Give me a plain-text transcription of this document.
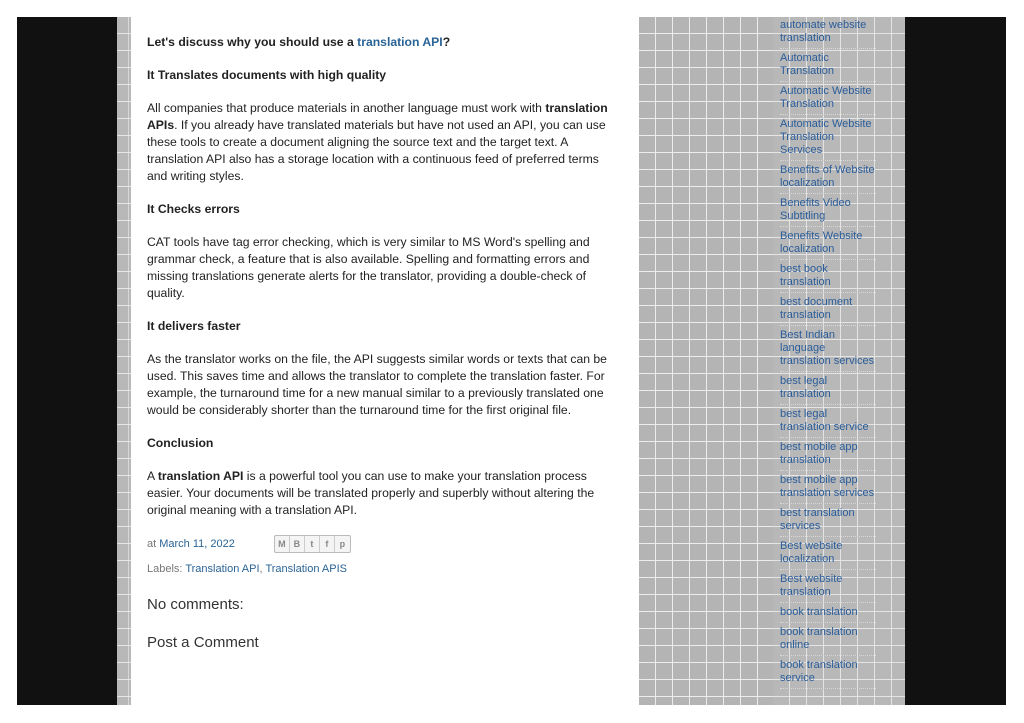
Let's discuss why you should use a translation API?

It Translates documents with high quality

All companies that produce materials in another language must work with translation APIs. If you already have translated materials but have not used an API, you can use these tools to create a document aligning the source text and the target text. A translation API also has a storage location with a continuous feed of preferred terms and writing styles.

It Checks errors

CAT tools have tag error checking, which is very similar to MS Word's spelling and grammar check, a feature that is also available. Spelling and formatting errors and missing translations generate alerts for the translator, providing a double-check of quality.

It delivers faster

As the translator works on the file, the API suggests similar words or texts that can be used. This saves time and allows the translator to complete the translation faster. For example, the turnaround time for a new manual similar to a previously translated one would be considerably shorter than the turnaround time for the first original file.

Conclusion

A translation API is a powerful tool you can use to make your translation process easier. Your documents will be translated properly and superbly without altering the original meaning with a translation API.

at March 11, 2022	M B	t	f	p
Labels: Translation API, Translation APIS
No comments:
Post a Comment
automate website translation
Automatic Translation
Automatic Website Translation
Automatic Website Translation Services
Benefits of Website localization
Benefits Video Subtitling
Benefits Website localization
best book translation
best document translation
Best Indian language translation services
best legal translation
best legal translation service
best mobile app translation
best mobile app translation services
best translation services
Best website localization
Best website translation
book translation
book translation online
book translation service
